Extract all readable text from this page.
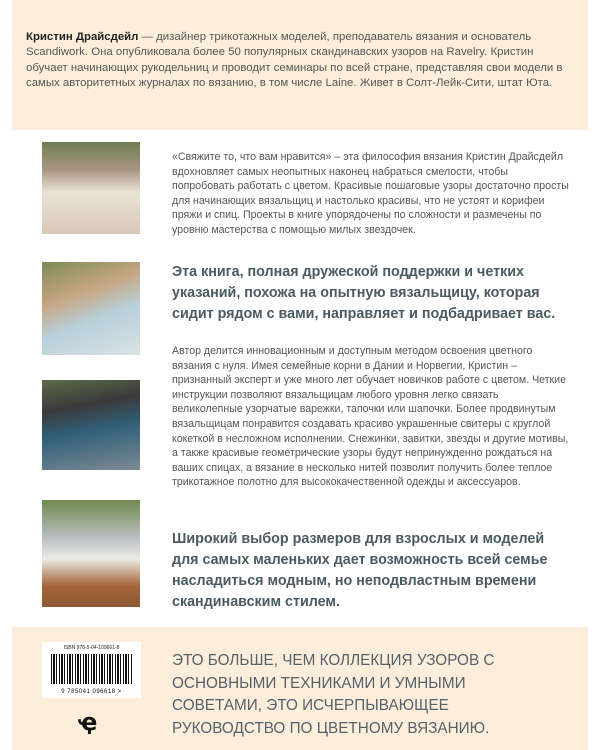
Кристин Драйсдейл — дизайнер трикотажных моделей, преподаватель вязания и основатель Scandiwork. Она опубликовала более 50 популярных скандинавских узоров на Ravelry. Кристин обучает начинающих рукодельниц и проводит семинары по всей стране, представляя свои модели в самых авторитетных журналах по вязанию, в том числе Laine. Живет в Солт-Лейк-Сити, штат Юта.
«Свяжите то, что вам нравится» – эта философия вязания Кристин Драйсдейл вдохновляет самых неопытных наконец набраться смелости, чтобы попробовать работать с цветом. Красивые пошаговые узоры достаточно просты для начинающих вязальщиц и настолько красивы, что не устоят и корифеи пряжи и спиц. Проекты в книге упорядочены по сложности и размечены по уровню мастерства с помощью милых звездочек.
Эта книга, полная дружеской поддержки и четких указаний, похожа на опытную вязальщицу, которая сидит рядом с вами, направляет и подбадривает вас.
Автор делится инновационным и доступным методом освоения цветного вязания с нуля. Имея семейные корни в Дании и Норвегии, Кристин – признанный эксперт и уже много лет обучает новичков работе с цветом. Четкие инструкции позволяют вязальщицам любого уровня легко связать великолепные узорчатые варежки, тапочки или шапочки. Более продвинутым вязальщицам понравится создавать красиво украшенные свитеры с круглой кокеткой в несложном исполнении. Снежинки, завитки, звезды и другие мотивы, а также красивые геометрические узоры будут непринужденно рождаться на ваших спицах, а вязание в несколько нитей позволит получить более теплое трикотажное полотно для высококачественной одежды и аксессуаров.
Широкий выбор размеров для взрослых и моделей для самых маленьких дает возможность всей семье насладиться модным, но неподвластным времени скандинавским стилем.
ISBN 978-5-04-109661-8
9 785041 096618 >
ҿ
ЭТО БОЛЬШЕ, ЧЕМ КОЛЛЕКЦИЯ УЗОРОВ С ОСНОВНЫМИ ТЕХНИКАМИ И УМНЫМИ СОВЕТАМИ, ЭТО ИСЧЕРПЫВАЮЩЕЕ РУКОВОДСТВО ПО ЦВЕТНОМУ ВЯЗАНИЮ.
